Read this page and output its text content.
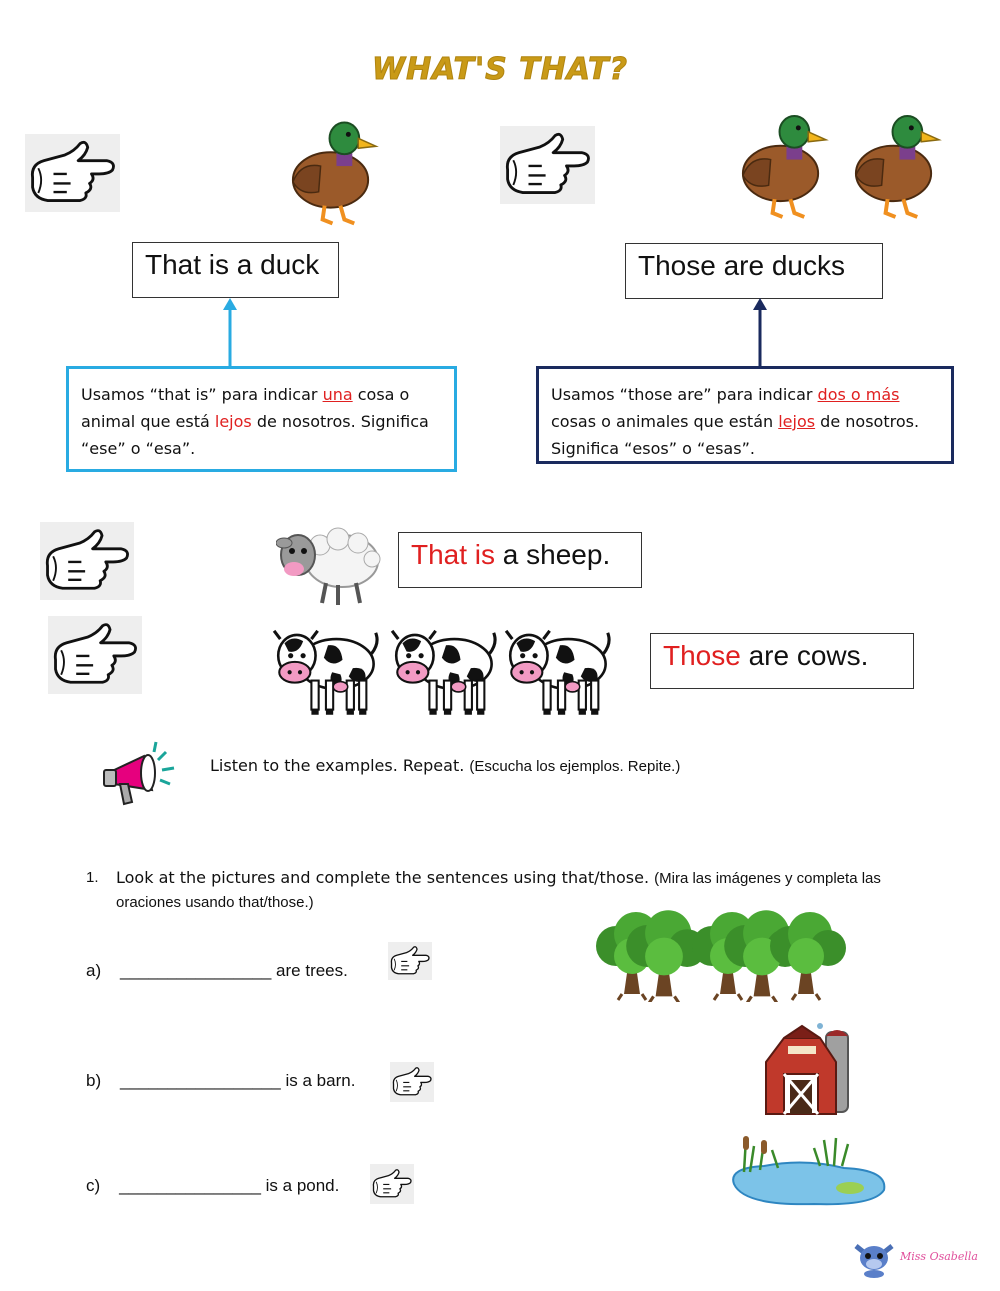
WHAT'S THAT?
That is a duck	Those are ducks
Usamos “that is” para indicar una cosa o animal que está lejos de nosotros. Significa “ese” o “esa”.
Usamos “those are” para indicar dos o más cosas o animales que están lejos de nosotros. Significa “esos” o “esas”.
That is a sheep.
Those are cows.
Listen to the examples. Repeat. (Escucha los ejemplos. Repite.)
1. Look at the pictures and complete the sentences using that/those. (Mira las imágenes y completa las oraciones usando that/those.)
a) ________________ are trees.
b) _________________ is a barn.
c) _______________ is a pond.
Miss Osabella
